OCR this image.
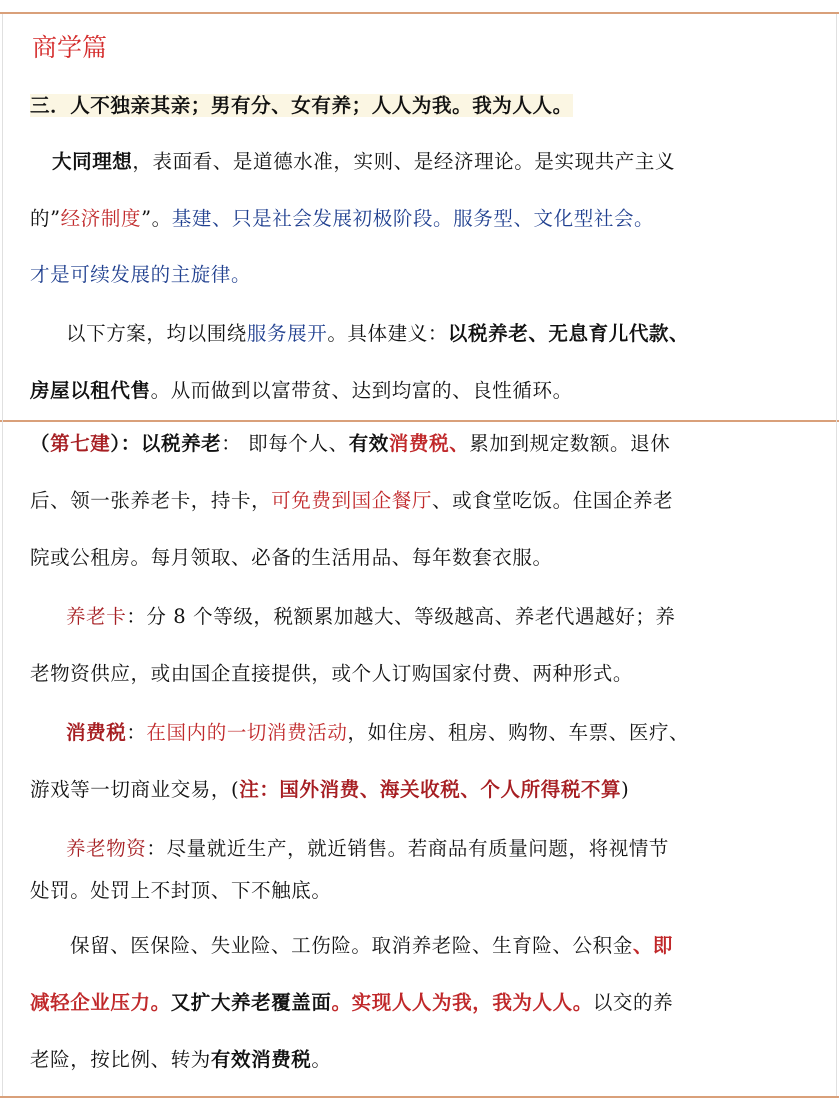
商学篇
三．人不独亲其亲；男有分、女有养；人人为我。我为人人。
大同理想，表面看、是道德水准，实则、是经济理论。是实现共产主义
的”经济制度”。基建、只是社会发展初极阶段。服务型、文化型社会。
才是可续发展的主旋律。
以下方案，均以围绕服务展开。具体建义：以税养老、无息育儿代款、
房屋以租代售。从而做到以富带贫、达到均富的、良性循环。
（第七建）：以税养老： 即每个人、有效消费税、累加到规定数额。退休
后、领一张养老卡，持卡，可免费到国企餐厅、或食堂吃饭。住国企养老
院或公租房。每月领取、必备的生活用品、每年数套衣服。
养老卡：分 8 个等级，税额累加越大、等级越高、养老代遇越好；养
老物资供应，或由国企直接提供，或个人订购国家付费、两种形式。
消费税：在国内的一切消费活动，如住房、租房、购物、车票、医疗、
游戏等一切商业交易，(注：国外消费、海关收税、个人所得税不算)
养老物资：尽量就近生产，就近销售。若商品有质量问题，将视情节
处罚。处罚上不封顶、下不触底。
保留、医保险、失业险、工伤险。取消养老险、生育险、公积金、即
减轻企业压力。又扩大养老覆盖面。实现人人为我，我为人人。以交的养
老险，按比例、转为有效消费税。
